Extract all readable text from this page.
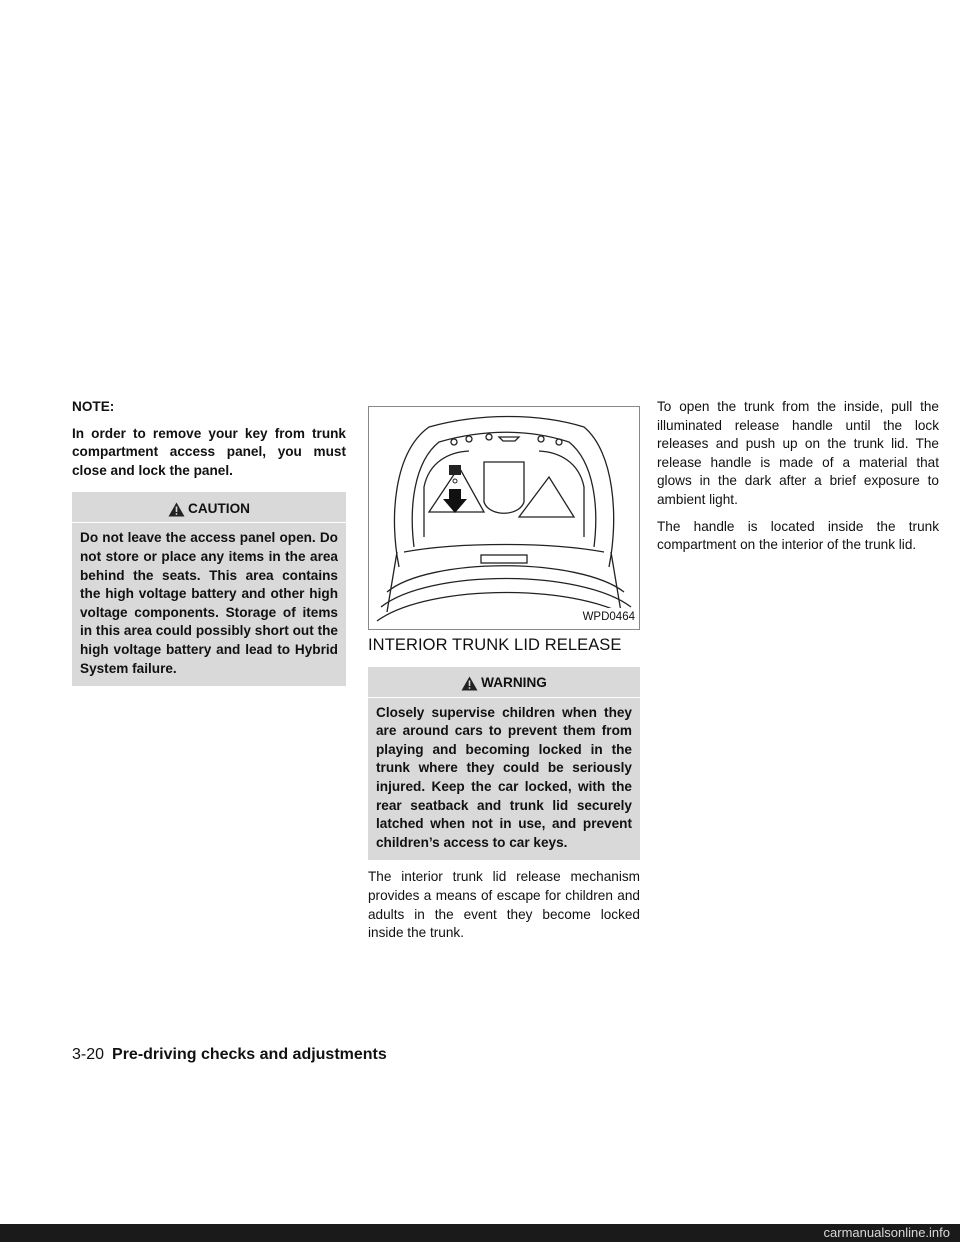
NOTE:

In order to remove your key from trunk compartment access panel, you must close and lock the panel.

CAUTION
Do not leave the access panel open. Do not store or place any items in the area behind the seats. This area contains the high voltage battery and other high voltage components. Storage of items in this area could possibly short out the high voltage battery and lead to Hybrid System failure.
WPD0464
INTERIOR TRUNK LID RELEASE
WARNING
Closely supervise children when they are around cars to prevent them from playing and becoming locked in the trunk where they could be seriously injured. Keep the car locked, with the rear seatback and trunk lid securely latched when not in use, and prevent children’s access to car keys.

The interior trunk lid release mechanism provides a means of escape for children and adults in the event they become locked inside the trunk.

To open the trunk from the inside, pull the illuminated release handle until the lock releases and push up on the trunk lid. The release handle is made of a material that glows in the dark after a brief exposure to ambient light.

The handle is located inside the trunk compartment on the interior of the trunk lid.

3-20 Pre-driving checks and adjustments
carmanualsonline.info
